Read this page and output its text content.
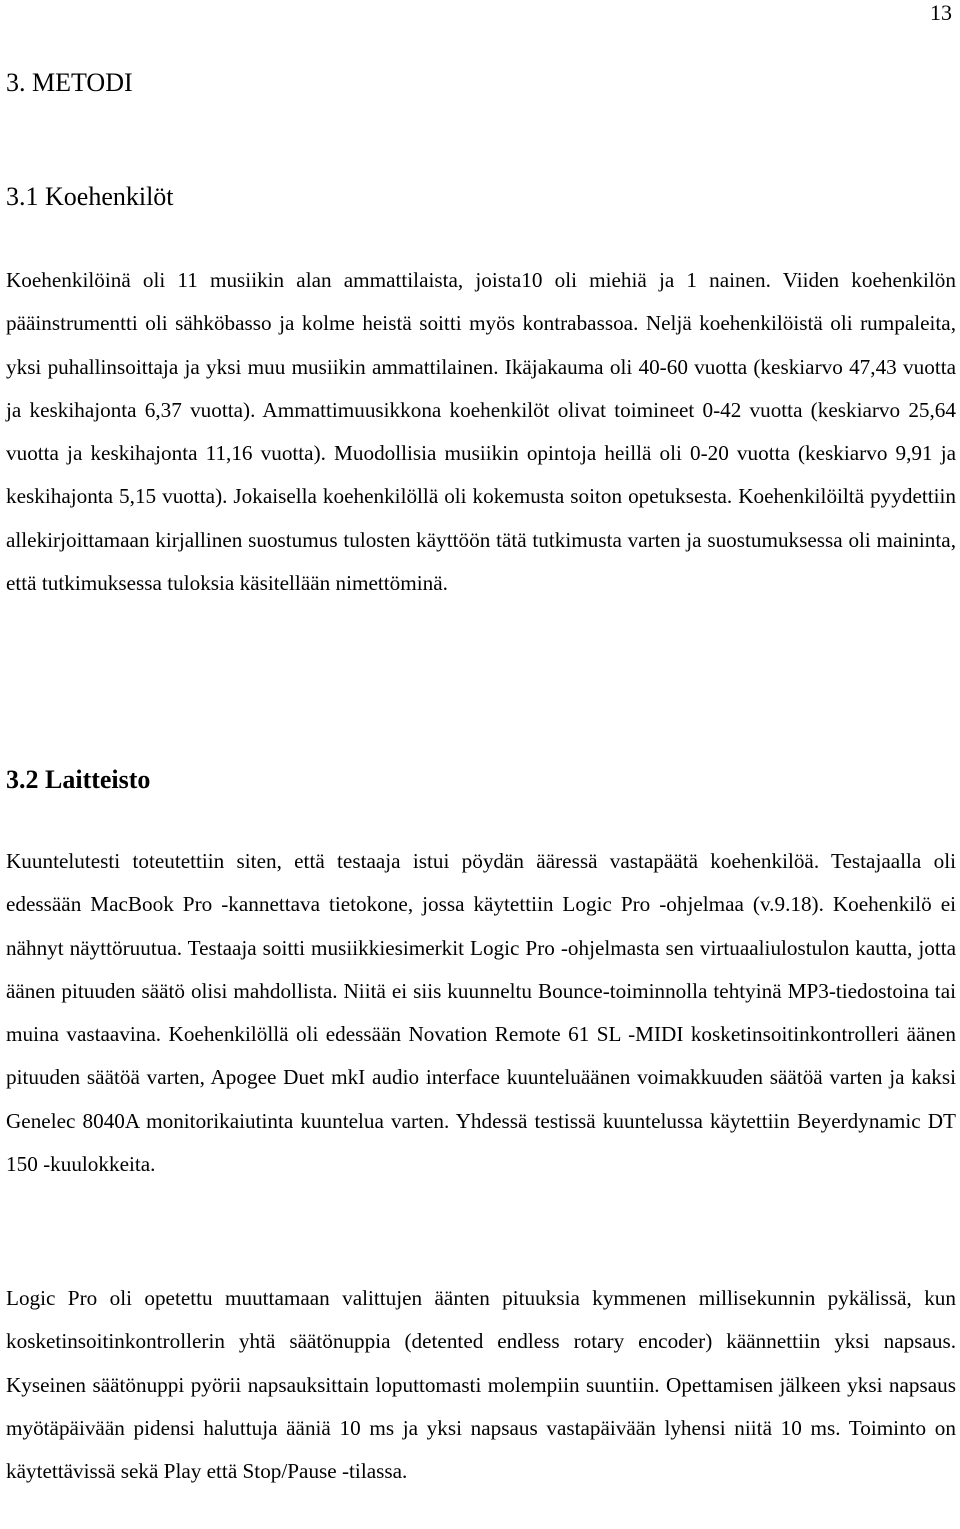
13
3. METODI
3.1 Koehenkilöt

Koehenkilöinä oli 11 musiikin alan ammattilaista, joista10 oli miehiä ja 1 nainen. Viiden koehenkilön pääinstrumentti oli sähköbasso ja kolme heistä soitti myös kontrabassoa. Neljä koehenkilöistä oli rumpaleita, yksi puhallinsoittaja ja yksi muu musiikin ammattilainen. Ikäjakauma oli 40-60 vuotta (keskiarvo 47,43 vuotta ja keskihajonta 6,37 vuotta). Ammattimuusikkona koehenkilöt olivat toimineet 0-42 vuotta (keskiarvo 25,64 vuotta ja keskihajonta 11,16 vuotta). Muodollisia musiikin opintoja heillä oli 0-20 vuotta (keskiarvo 9,91 ja keskihajonta 5,15 vuotta). Jokaisella koehenkilöllä oli kokemusta soiton opetuksesta. Koehenkilöiltä pyydettiin allekirjoittamaan kirjallinen suostumus tulosten käyttöön tätä tutkimusta varten ja suostumuksessa oli maininta, että tutkimuksessa tuloksia käsitellään nimettöminä.

3.2 Laitteisto

Kuuntelutesti toteutettiin siten, että testaaja istui pöydän ääressä vastapäätä koehenkilöä. Testajaalla oli edessään MacBook Pro -kannettava tietokone, jossa käytettiin Logic Pro -ohjelmaa (v.9.18). Koehenkilö ei nähnyt näyttöruutua. Testaaja soitti musiikkiesimerkit Logic Pro -ohjelmasta sen virtuaaliulostulon kautta, jotta äänen pituuden säätö olisi mahdollista. Niitä ei siis kuunneltu Bounce-toiminnolla tehtyinä MP3-tiedostoina tai muina vastaavina. Koehenkilöllä oli edessään Novation Remote 61 SL -MIDI kosketinsoitinkontrolleri äänen pituuden säätöä varten, Apogee Duet mkI audio interface kuunteluäänen voimakkuuden säätöä varten ja kaksi Genelec 8040A monitorikaiutinta kuuntelua varten. Yhdessä testissä kuuntelussa käytettiin Beyerdynamic DT 150 -kuulokkeita.

Logic Pro oli opetettu muuttamaan valittujen äänten pituuksia kymmenen millisekunnin pykälissä, kun kosketinsoitinkontrollerin yhtä säätönuppia (detented endless rotary encoder) käännettiin yksi napsaus. Kyseinen säätönuppi pyörii napsauksittain loputtomasti molempiin suuntiin. Opettamisen jälkeen yksi napsaus myötäpäivään pidensi haluttuja ääniä 10 ms ja yksi napsaus vastapäivään lyhensi niitä 10 ms. Toiminto on käytettävissä sekä Play että Stop/Pause -tilassa.
